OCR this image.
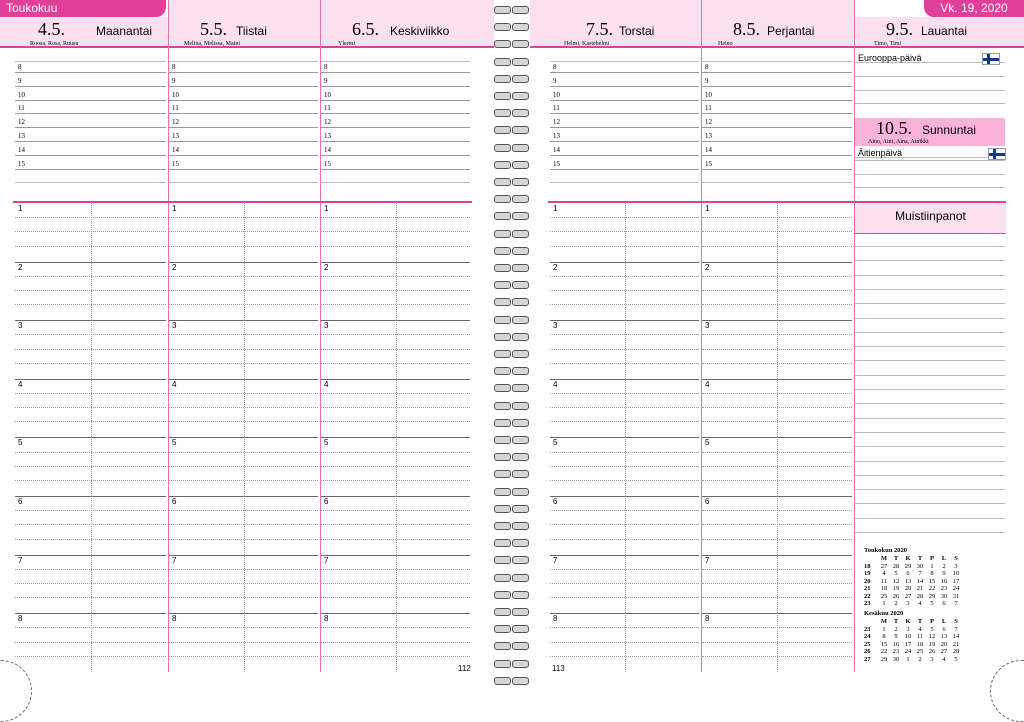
Toukokuu	Vk. 19, 2020
4.5.	Maanantai
Roosa, Rosa, Ruusu
5.5. Tiistai
Melina, Melissa, Maini
6.5. Keskiviikko
Ylermi
7.5. Torstai
Helmi, Kastehelmi
8.5. Perjantai
Heino
9.5. Lauantai
Timo, Timi
8
9
10
11
12
13
14
15
1
2
3
4
5
6
7
8
8
9
10
11
12
13
14
15
1
2
3
4
5
6
7
8
8
9
10
11
12
13
14
15
1
2
3
4
5
6
7
8
8
9
10
11
12
13
14
15
1
2
3
4
5
6
7
8
8
9
10
11
12
13
14
15
1
2
3
4
5
6
7
8
Eurooppa-päivä
10.5. Sunnuntai
Aino, Aini, Aina, Ainikki
Äitienpäivä
Muistiinpanot
Toukokuu 2020
	M	T	K	T	P	L	S
18	27	28	29	30	1	2	3
19	4	5	6	7	8	9	10
20	11	12	13	14	15	16	17
21	18	19	20	21	22	23	24
22	25	26	27	28	29	30	31
23	1	2	3	4	5	6	7
Kesäkuu 2020
	M	T	K	T	P	L	S
23	1	2	3	4	5	6	7
24	8	9	10	11	12	13	14
25	15	16	17	18	19	20	21
26	22	23	24	25	26	27	28
27	29	30	1	2	3	4	5
112	113
